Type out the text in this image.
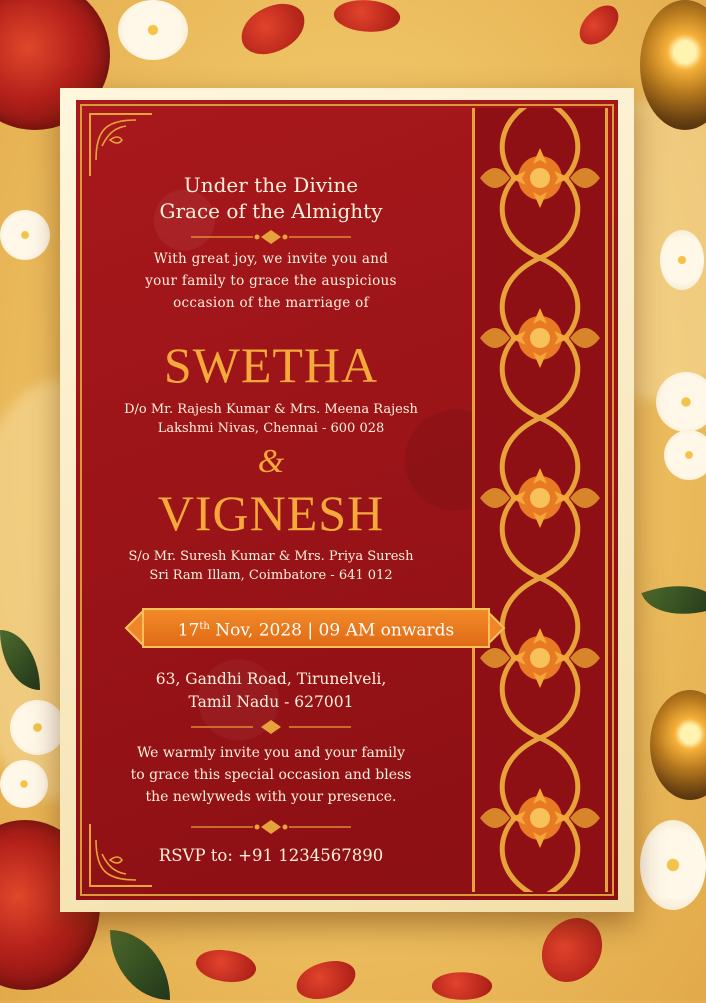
Under the Divine
Grace of the Almighty
With great joy, we invite you and
your family to grace the auspicious
occasion of the marriage of
SWETHA
D/o Mr. Rajesh Kumar & Mrs. Meena Rajesh
Lakshmi Nivas, Chennai - 600 028
&
VIGNESH
S/o Mr. Suresh Kumar & Mrs. Priya Suresh
Sri Ram Illam, Coimbatore - 641 012
17th Nov, 2028 | 09 AM onwards
63, Gandhi Road, Tirunelveli,
Tamil Nadu - 627001
We warmly invite you and your family
to grace this special occasion and bless
the newlyweds with your presence.
RSVP to: +91 1234567890
